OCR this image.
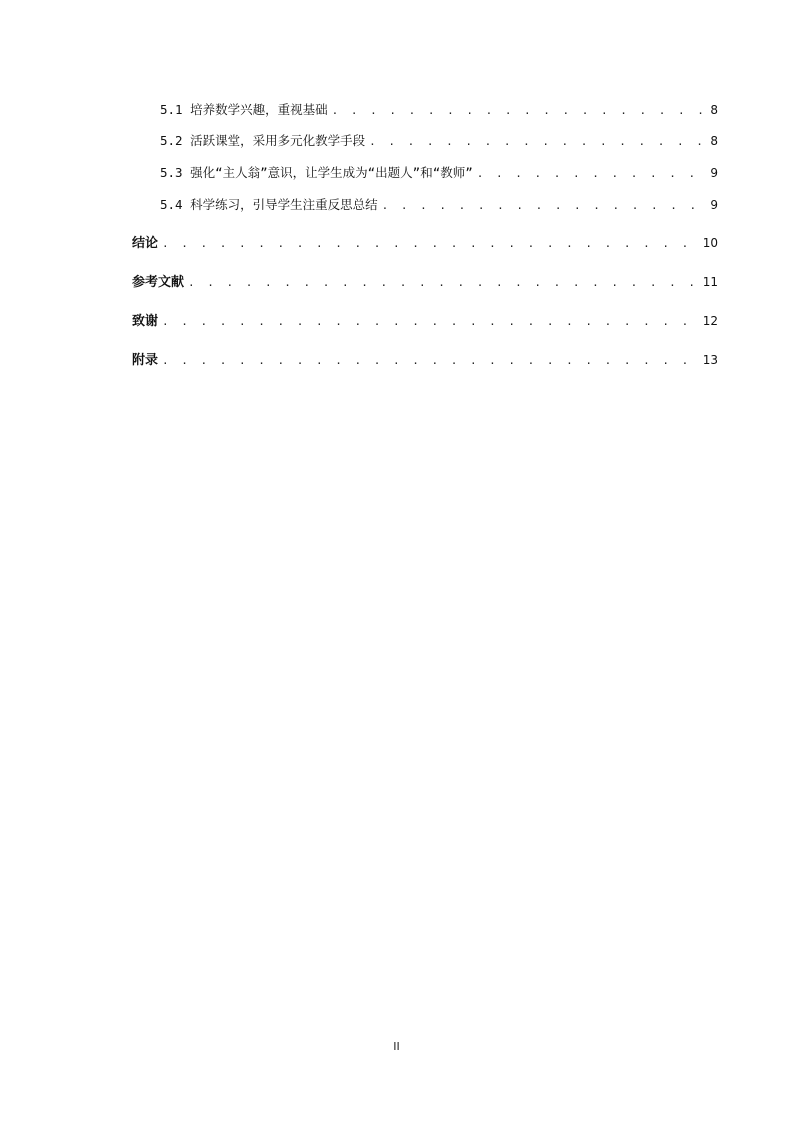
5.1 培养数学兴趣，重视基础 . . .	8
5.2 活跃课堂，采用多元化教学手段 . . .	8
5.3 强化“主人翁”意识，让学生成为“出题人”和“教师” . . .	9
5.4 科学练习，引导学生注重反思总结 . . .	9
结论 . . .	10
参考文献 . . .	11
致谢 . . .	12
附录 . . .	13
II
